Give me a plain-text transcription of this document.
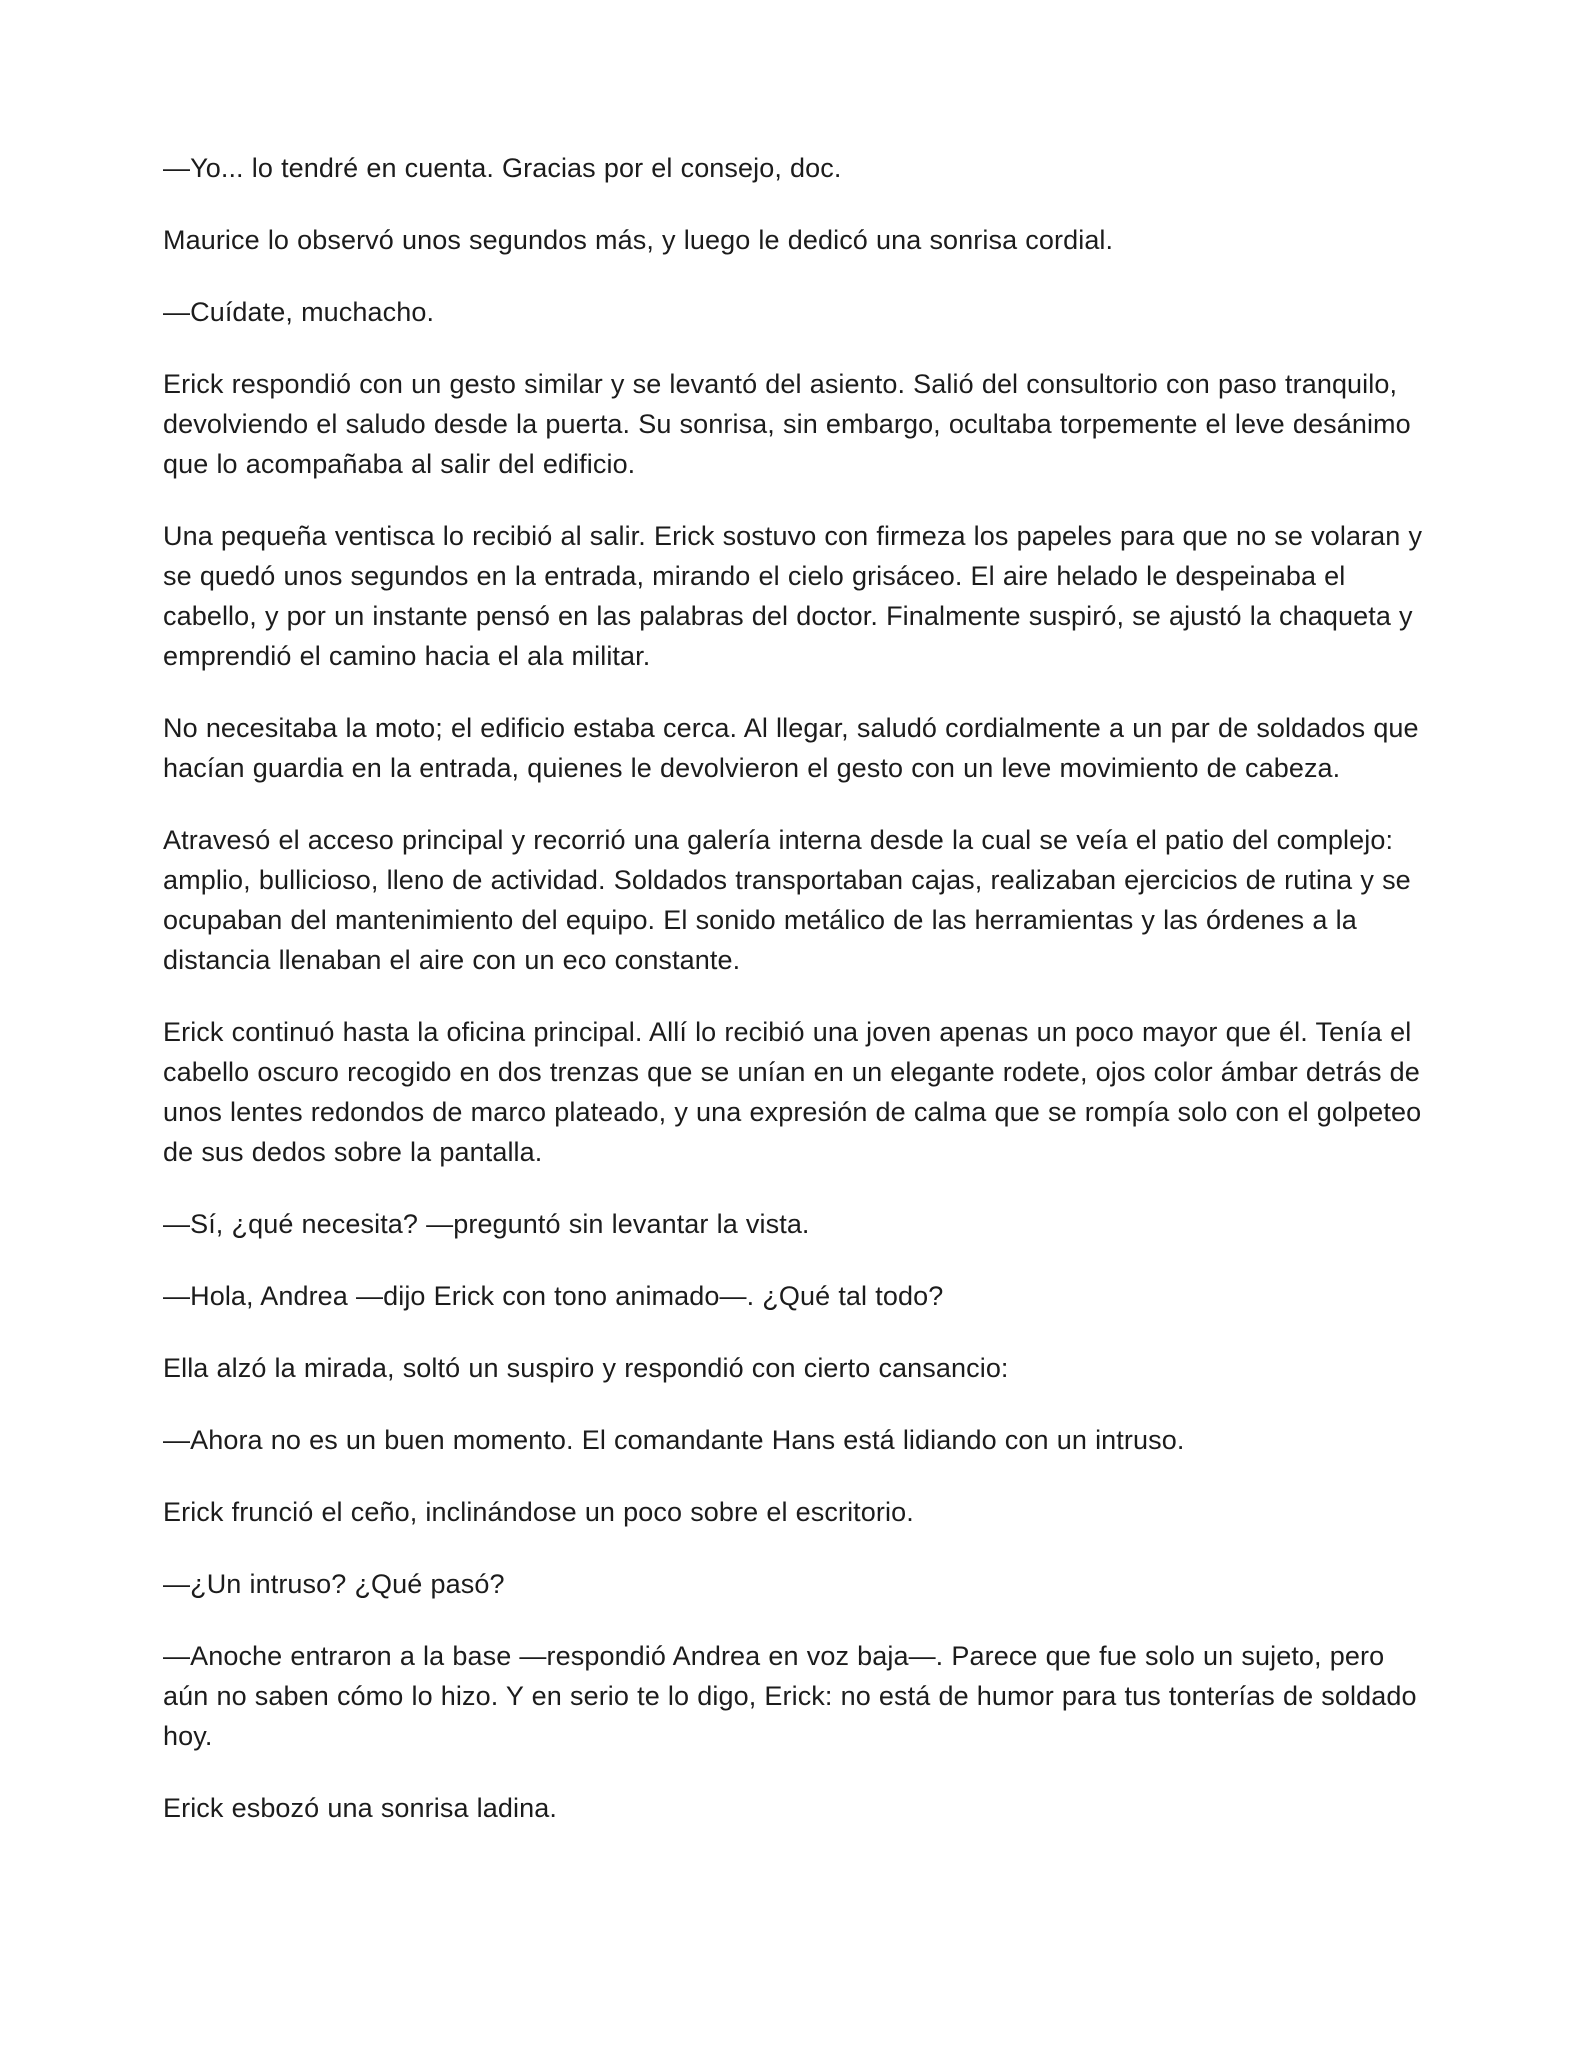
—Yo... lo tendré en cuenta. Gracias por el consejo, doc.

Maurice lo observó unos segundos más, y luego le dedicó una sonrisa cordial.

—Cuídate, muchacho.

Erick respondió con un gesto similar y se levantó del asiento. Salió del consultorio con paso tranquilo, devolviendo el saludo desde la puerta. Su sonrisa, sin embargo, ocultaba torpemente el leve desánimo que lo acompañaba al salir del edificio.

Una pequeña ventisca lo recibió al salir. Erick sostuvo con firmeza los papeles para que no se volaran y se quedó unos segundos en la entrada, mirando el cielo grisáceo. El aire helado le despeinaba el cabello, y por un instante pensó en las palabras del doctor. Finalmente suspiró, se ajustó la chaqueta y emprendió el camino hacia el ala militar.

No necesitaba la moto; el edificio estaba cerca. Al llegar, saludó cordialmente a un par de soldados que hacían guardia en la entrada, quienes le devolvieron el gesto con un leve movimiento de cabeza.

Atravesó el acceso principal y recorrió una galería interna desde la cual se veía el patio del complejo: amplio, bullicioso, lleno de actividad. Soldados transportaban cajas, realizaban ejercicios de rutina y se ocupaban del mantenimiento del equipo. El sonido metálico de las herramientas y las órdenes a la distancia llenaban el aire con un eco constante.

Erick continuó hasta la oficina principal. Allí lo recibió una joven apenas un poco mayor que él. Tenía el cabello oscuro recogido en dos trenzas que se unían en un elegante rodete, ojos color ámbar detrás de unos lentes redondos de marco plateado, y una expresión de calma que se rompía solo con el golpeteo de sus dedos sobre la pantalla.

—Sí, ¿qué necesita? —preguntó sin levantar la vista.

—Hola, Andrea —dijo Erick con tono animado—. ¿Qué tal todo?

Ella alzó la mirada, soltó un suspiro y respondió con cierto cansancio:

—Ahora no es un buen momento. El comandante Hans está lidiando con un intruso.

Erick frunció el ceño, inclinándose un poco sobre el escritorio.

—¿Un intruso? ¿Qué pasó?

—Anoche entraron a la base —respondió Andrea en voz baja—. Parece que fue solo un sujeto, pero aún no saben cómo lo hizo. Y en serio te lo digo, Erick: no está de humor para tus tonterías de soldado hoy.

Erick esbozó una sonrisa ladina.
